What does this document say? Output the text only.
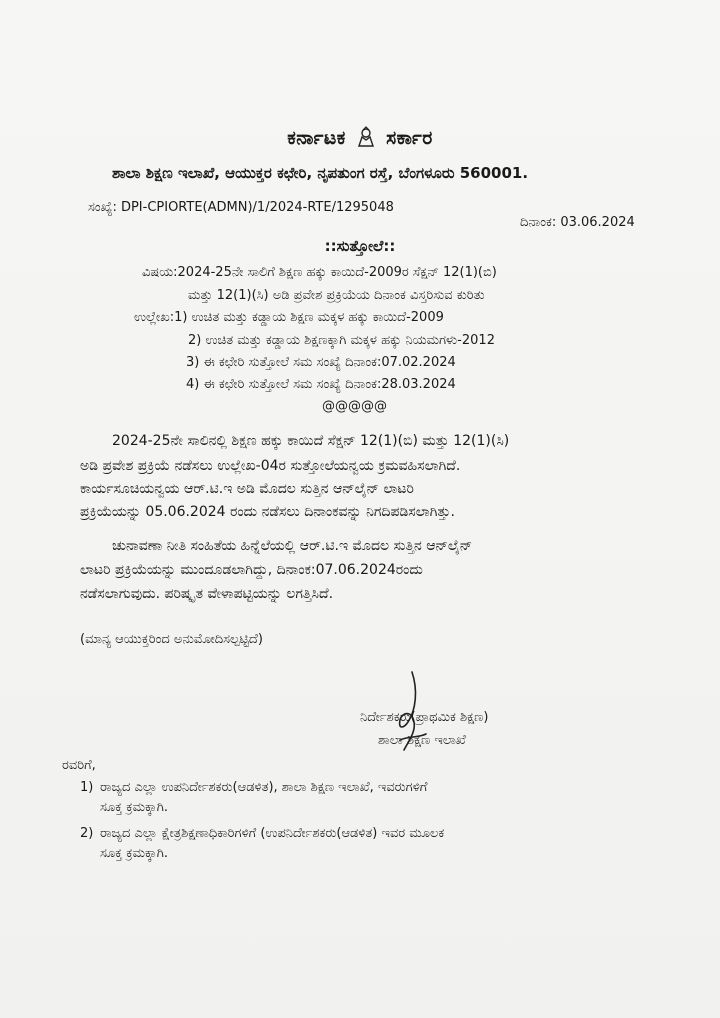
ಕರ್ನಾಟಕ ಸರ್ಕಾರ
ಶಾಲಾ ಶಿಕ್ಷಣ ಇಲಾಖೆ, ಆಯುಕ್ತರ ಕಛೇರಿ, ನೃಪತುಂಗ ರಸ್ತೆ, ಬೆಂಗಳೂರು 560001.
ಸಂಖ್ಯೆ: DPI-CPIORTE(ADMN)/1/2024-RTE/1295048
ದಿನಾಂಕ: 03.06.2024
::ಸುತ್ತೋಲೆ::
ವಿಷಯ:2024-25ನೇ ಸಾಲಿಗೆ ಶಿಕ್ಷಣ ಹಕ್ಕು ಕಾಯಿದೆ-2009ರ ಸೆಕ್ಷನ್ 12(1)(ಬಿ)
ಮತ್ತು 12(1)(ಸಿ) ಅಡಿ ಪ್ರವೇಶ ಪ್ರಕ್ರಿಯೆಯ ದಿನಾಂಕ ವಿಸ್ತರಿಸುವ ಕುರಿತು
ಉಲ್ಲೇಖ:1) ಉಚಿತ ಮತ್ತು ಕಡ್ಡಾಯ ಶಿಕ್ಷಣ ಮಕ್ಕಳ ಹಕ್ಕು ಕಾಯಿದೆ-2009
2) ಉಚಿತ ಮತ್ತು ಕಡ್ಡಾಯ ಶಿಕ್ಷಣಕ್ಕಾಗಿ ಮಕ್ಕಳ ಹಕ್ಕು ನಿಯಮಗಳು-2012
3) ಈ ಕಛೇರಿ ಸುತ್ತೋಲೆ ಸಮ ಸಂಖ್ಯೆ ದಿನಾಂಕ:07.02.2024
4) ಈ ಕಛೇರಿ ಸುತ್ತೋಲೆ ಸಮ ಸಂಖ್ಯೆ ದಿನಾಂಕ:28.03.2024
@@@@@
2024-25ನೇ ಸಾಲಿನಲ್ಲಿ ಶಿಕ್ಷಣ ಹಕ್ಕು ಕಾಯಿದೆ ಸೆಕ್ಷನ್ 12(1)(ಬಿ) ಮತ್ತು 12(1)(ಸಿ)
ಅಡಿ ಪ್ರವೇಶ ಪ್ರಕ್ರಿಯೆ ನಡೆಸಲು ಉಲ್ಲೇಖ-04ರ ಸುತ್ತೋಲೆಯನ್ವಯ ಕ್ರಮವಹಿಸಲಾಗಿದೆ.
ಕಾರ್ಯಸೂಚಿಯನ್ವಯ ಆರ್.ಟಿ.ಇ ಅಡಿ ಮೊದಲ ಸುತ್ತಿನ ಆನ್‌ಲೈನ್ ಲಾಟರಿ
ಪ್ರಕ್ರಿಯೆಯನ್ನು 05.06.2024 ರಂದು ನಡೆಸಲು ದಿನಾಂಕವನ್ನು ನಿಗದಿಪಡಿಸಲಾಗಿತ್ತು.
ಚುನಾವಣಾ ನೀತಿ ಸಂಹಿತೆಯ ಹಿನ್ನೆಲೆಯಲ್ಲಿ ಆರ್.ಟಿ.ಇ ಮೊದಲ ಸುತ್ತಿನ ಆನ್‌ಲೈನ್
ಲಾಟರಿ ಪ್ರಕ್ರಿಯೆಯನ್ನು ಮುಂದೂಡಲಾಗಿದ್ದು, ದಿನಾಂಕ:07.06.2024ರಂದು
ನಡೆಸಲಾಗುವುದು. ಪರಿಷ್ಕೃತ ವೇಳಾಪಟ್ಟಿಯನ್ನು ಲಗತ್ತಿಸಿದೆ.
(ಮಾನ್ಯ ಆಯುಕ್ತರಿಂದ ಅನುಮೋದಿಸಲ್ಪಟ್ಟಿದೆ)
ನಿರ್ದೇಶಕರು(ಪ್ರಾಥಮಿಕ ಶಿಕ್ಷಣ)
ಶಾಲಾ ಶಿಕ್ಷಣ ಇಲಾಖೆ
ರವರಿಗೆ,
1) ರಾಜ್ಯದ ಎಲ್ಲಾ ಉಪನಿರ್ದೇಶಕರು(ಆಡಳಿತ), ಶಾಲಾ ಶಿಕ್ಷಣ ಇಲಾಖೆ, ಇವರುಗಳಿಗೆ
ಸೂಕ್ತ ಕ್ರಮಕ್ಕಾಗಿ.
2) ರಾಜ್ಯದ ಎಲ್ಲಾ ಕ್ಷೇತ್ರಶಿಕ್ಷಣಾಧಿಕಾರಿಗಳಿಗೆ (ಉಪನಿರ್ದೇಶಕರು(ಆಡಳಿತ) ಇವರ ಮೂಲಕ
ಸೂಕ್ತ ಕ್ರಮಕ್ಕಾಗಿ.
